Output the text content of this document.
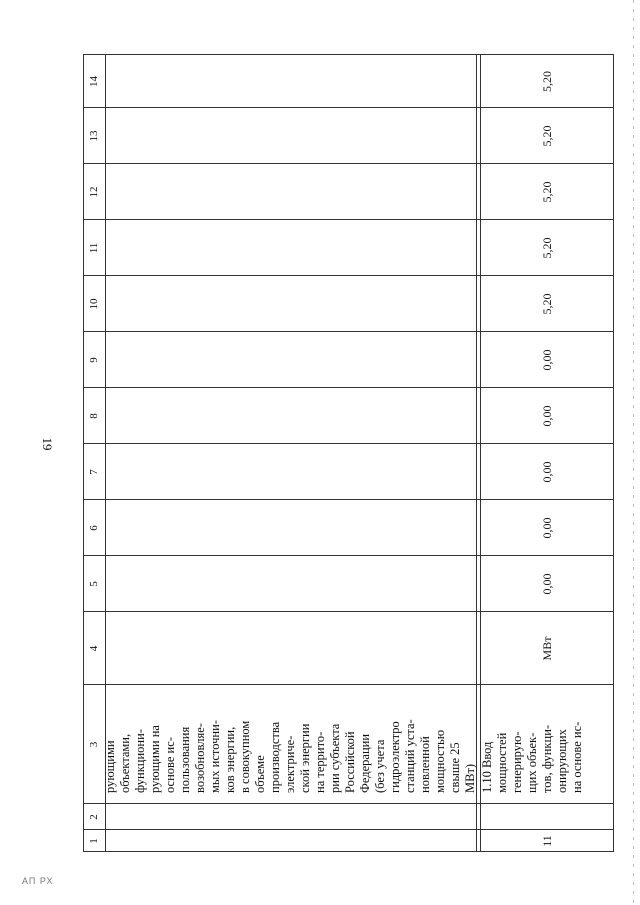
19
АП РХ
1
2
3
4
5
6
7
8
9
10
11
12
13
14
рующими объектами, функциони- рующими на основе ис- пользования возобновляе- мых источни- ков энергии, в совокупном объеме производства электриче- ской энергии на террито- рии субъекта Российской Федерации (без учета гидроэлектро станций уста- новленной мощностью свыше 25 МВт)
11
1.10 Ввод мощностей генерирую- щих объек- тов, функци- онирующих на основе ис-
МВт
0,00
0,00
0,00
0,00
0,00
5,20
5,20
5,20
5,20
5,20
